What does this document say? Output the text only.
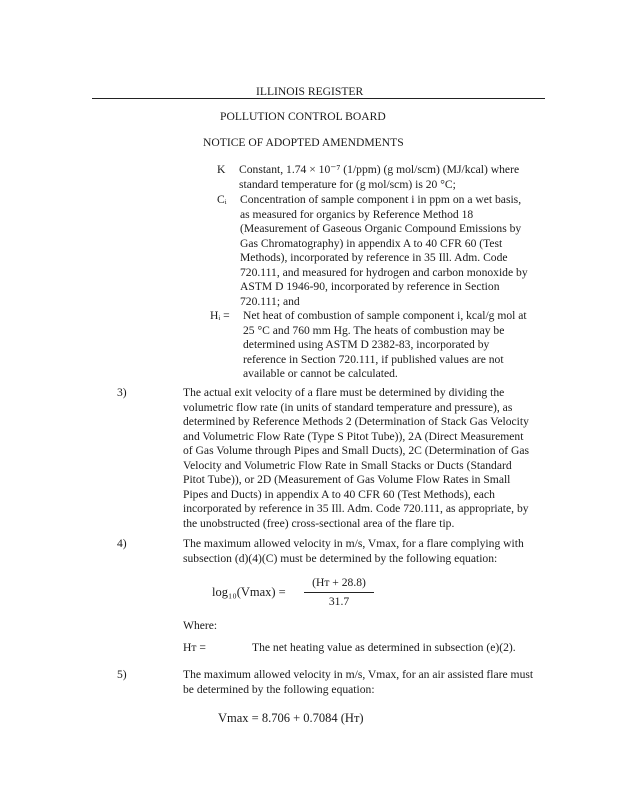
ILLINOIS REGISTER
POLLUTION CONTROL BOARD
NOTICE OF ADOPTED AMENDMENTS
K Constant, 1.74 × 10⁻⁷ (1/ppm) (g mol/scm) (MJ/kcal) where
standard temperature for (g mol/scm) is 20 °C;
Cᵢ Concentration of sample component i in ppm on a wet basis,
as measured for organics by Reference Method 18
(Measurement of Gaseous Organic Compound Emissions by
Gas Chromatography) in appendix A to 40 CFR 60 (Test
Methods), incorporated by reference in 35 Ill. Adm. Code
720.111, and measured for hydrogen and carbon monoxide by
ASTM D 1946-90, incorporated by reference in Section
720.111; and
Hᵢ = Net heat of combustion of sample component i, kcal/g mol at
25 °C and 760 mm Hg. The heats of combustion may be
determined using ASTM D 2382-83, incorporated by
reference in Section 720.111, if published values are not
available or cannot be calculated.
3)	The actual exit velocity of a flare must be determined by dividing the
volumetric flow rate (in units of standard temperature and pressure), as
determined by Reference Methods 2 (Determination of Stack Gas Velocity
and Volumetric Flow Rate (Type S Pitot Tube)), 2A (Direct Measurement
of Gas Volume through Pipes and Small Ducts), 2C (Determination of Gas
Velocity and Volumetric Flow Rate in Small Stacks or Ducts (Standard
Pitot Tube)), or 2D (Measurement of Gas Volume Flow Rates in Small
Pipes and Ducts) in appendix A to 40 CFR 60 (Test Methods), each
incorporated by reference in 35 Ill. Adm. Code 720.111, as appropriate, by
the unobstructed (free) cross-sectional area of the flare tip.
4)	The maximum allowed velocity in m/s, Vmax, for a flare complying with
subsection (d)(4)(C) must be determined by the following equation:
$\log_{10}(Vmax) = \frac{\text{(Hᴛ + 28.8)}}{31.7}$
Where:
Hᴛ =	The net heating value as determined in subsection (e)(2).
5)	The maximum allowed velocity in m/s, Vmax, for an air assisted flare must
be determined by the following equation:
Vmax = 8.706 + 0.7084 (Hᴛ)
